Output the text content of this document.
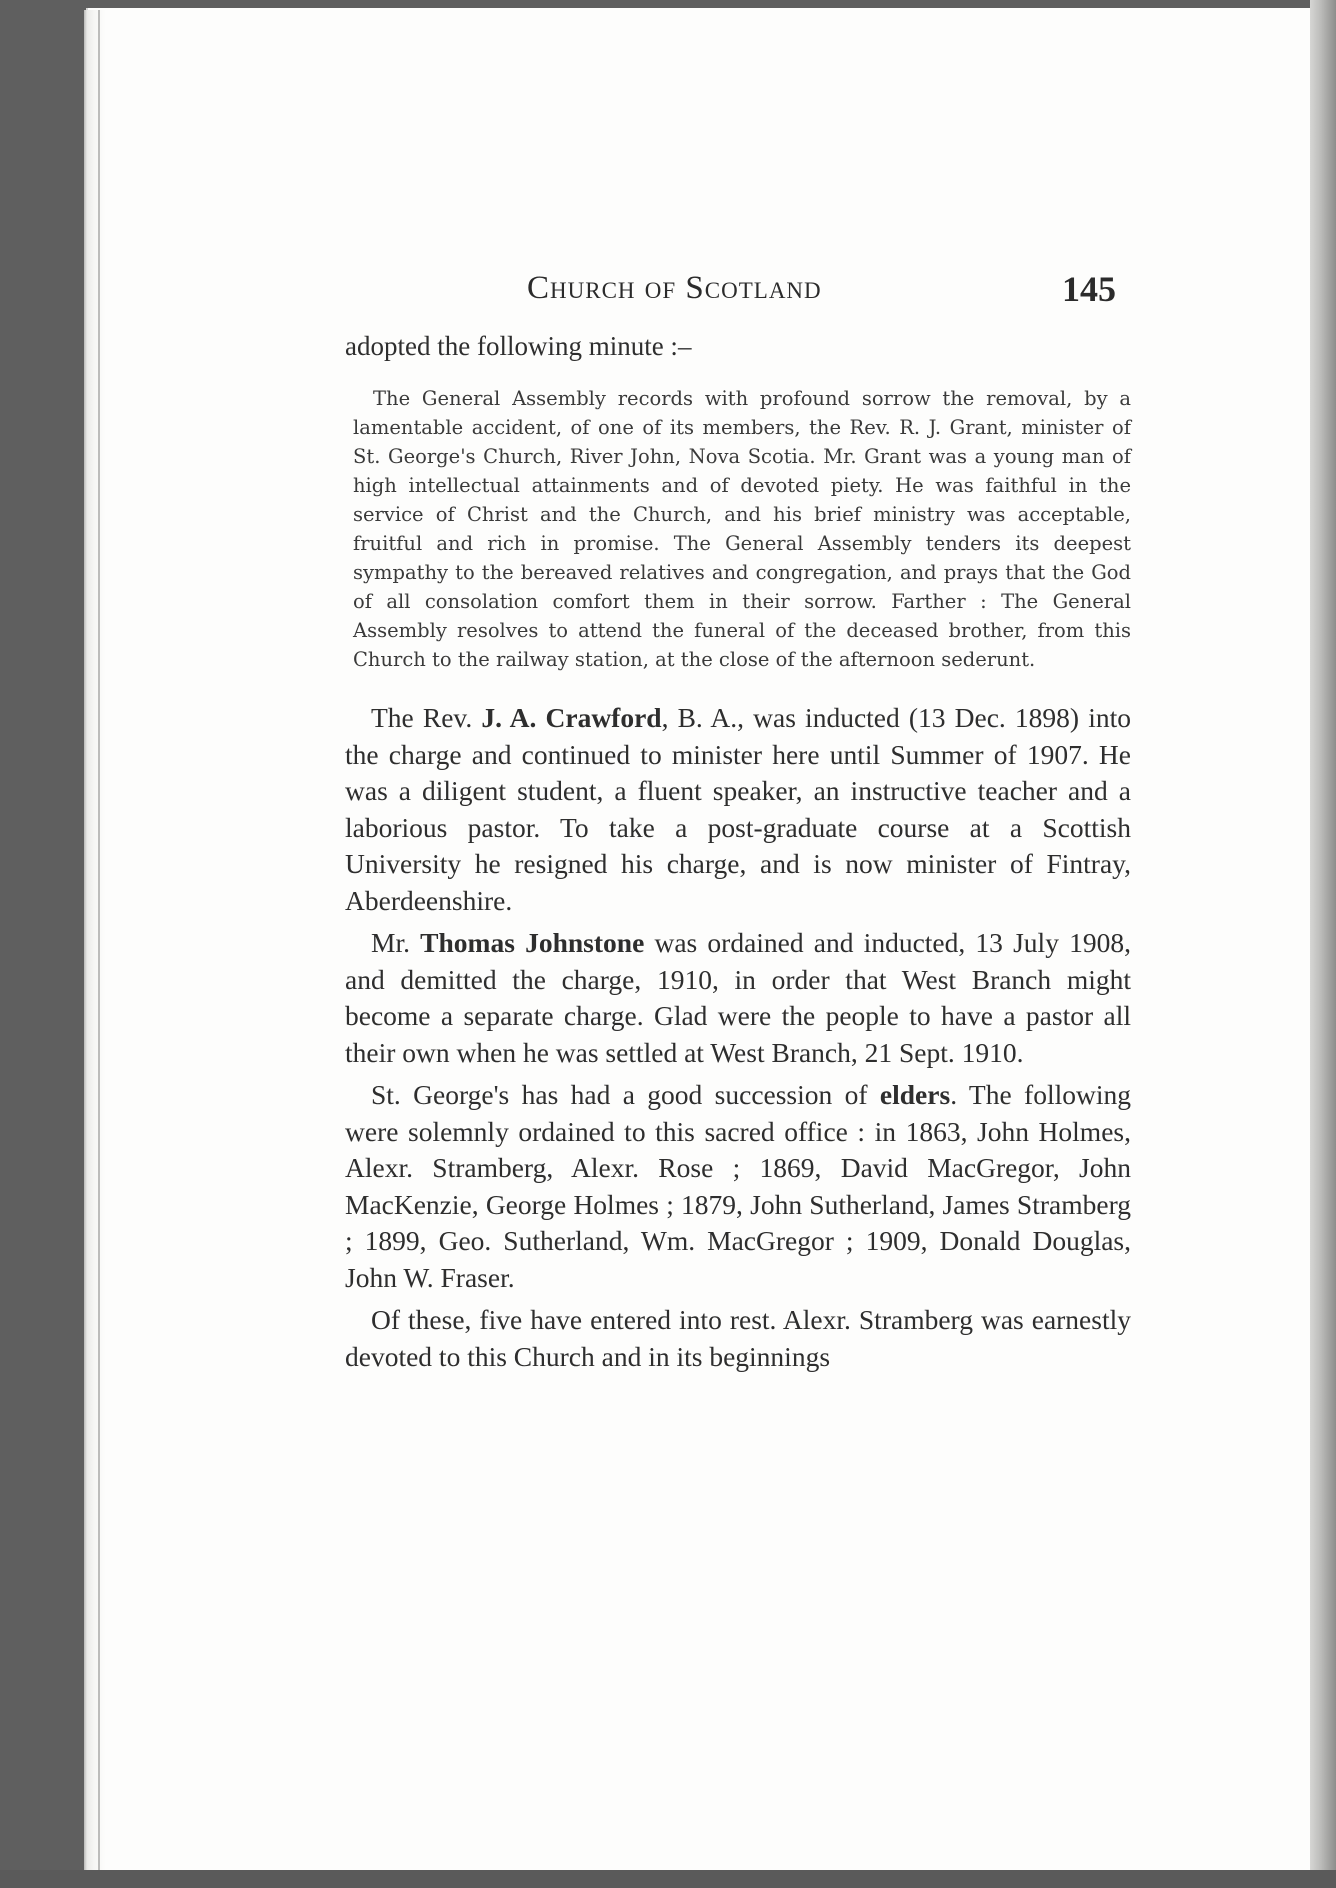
Church of Scotland	145

adopted the following minute :–

The General Assembly records with profound sorrow the removal, by a lamentable accident, of one of its members, the Rev. R. J. Grant, minister of St. George's Church, River John, Nova Scotia. Mr. Grant was a young man of high intellectual attainments and of devoted piety. He was faithful in the service of Christ and the Church, and his brief ministry was acceptable, fruitful and rich in promise. The General Assembly tenders its deepest sympathy to the bereaved relatives and congregation, and prays that the God of all consolation comfort them in their sorrow. Farther : The General Assembly resolves to attend the funeral of the deceased brother, from this Church to the railway station, at the close of the afternoon sederunt.

The Rev. J. A. Crawford, B. A., was inducted (13 Dec. 1898) into the charge and continued to minister here until Summer of 1907. He was a diligent student, a fluent speaker, an instructive teacher and a laborious pastor. To take a post-graduate course at a Scottish University he resigned his charge, and is now minister of Fintray, Aberdeenshire.

Mr. Thomas Johnstone was ordained and inducted, 13 July 1908, and demitted the charge, 1910, in order that West Branch might become a separate charge. Glad were the people to have a pastor all their own when he was settled at West Branch, 21 Sept. 1910.

St. George's has had a good succession of elders. The following were solemnly ordained to this sacred office : in 1863, John Holmes, Alexr. Stramberg, Alexr. Rose ; 1869, David MacGregor, John MacKenzie, George Holmes ; 1879, John Sutherland, James Stramberg ; 1899, Geo. Sutherland, Wm. MacGregor ; 1909, Donald Douglas, John W. Fraser.

Of these, five have entered into rest. Alexr. Stramberg was earnestly devoted to this Church and in its beginnings
